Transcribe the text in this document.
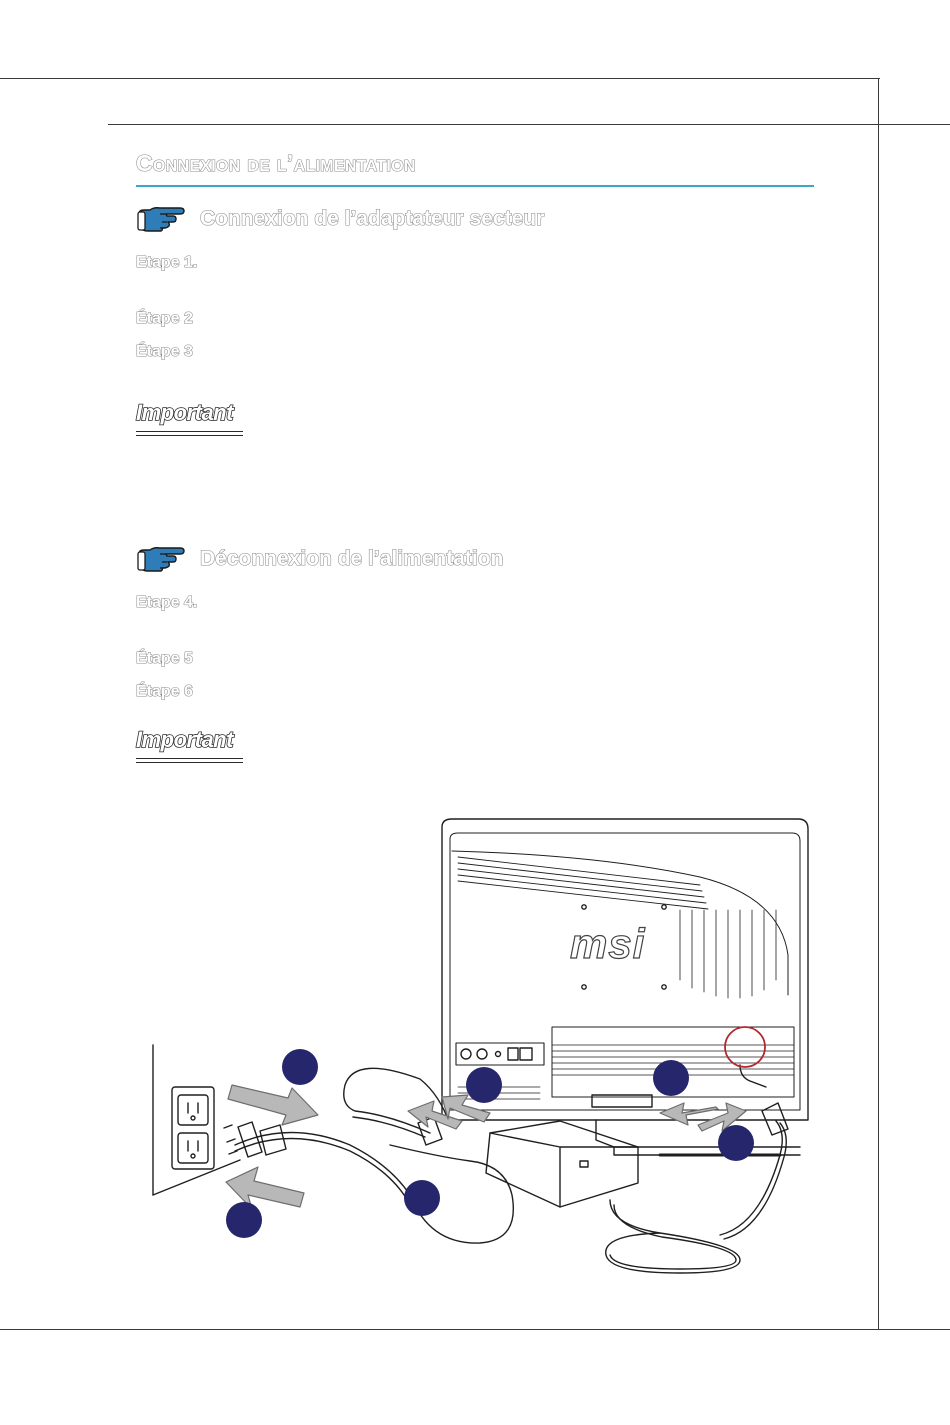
Connexion de l’alimentation
Connexion de l’adaptateur secteur
Etape 1.
Étape 2
Étape 3
Important
Déconnexion de l’alimentation
Etape 4.
Étape 5
Étape 6
Important
msi
